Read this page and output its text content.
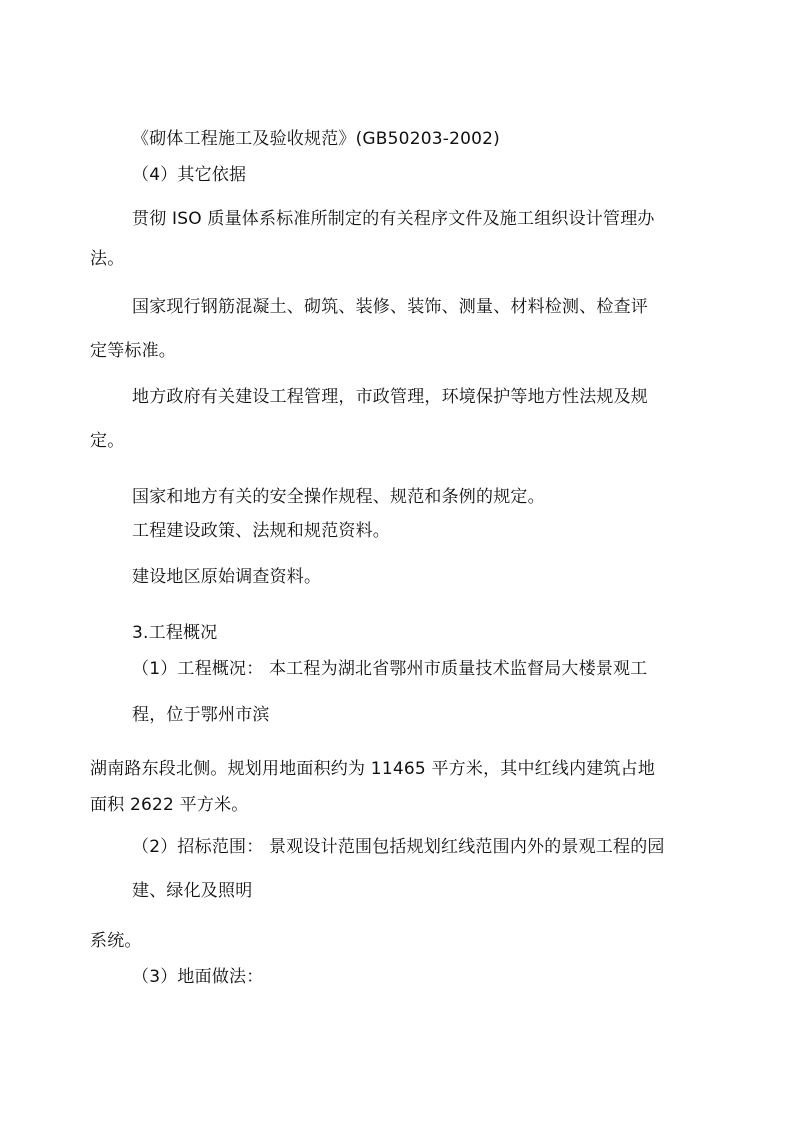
《砌体工程施工及验收规范》(GB50203-2002)
（4）其它依据
贯彻 ISO 质量体系标准所制定的有关程序文件及施工组织设计管理办
法。
国家现行钢筋混凝土、砌筑、装修、装饰、测量、材料检测、检查评
定等标准。
地方政府有关建设工程管理，市政管理，环境保护等地方性法规及规
定。
国家和地方有关的安全操作规程、规范和条例的规定。
工程建设政策、法规和规范资料。
建设地区原始调查资料。
3.工程概况
（1）工程概况： 本工程为湖北省鄂州市质量技术监督局大楼景观工
程，位于鄂州市滨
湖南路东段北侧。规划用地面积约为 11465 平方米，其中红线内建筑占地
面积 2622 平方米。
（2）招标范围： 景观设计范围包括规划红线范围内外的景观工程的园
建、绿化及照明
系统。
（3）地面做法：
